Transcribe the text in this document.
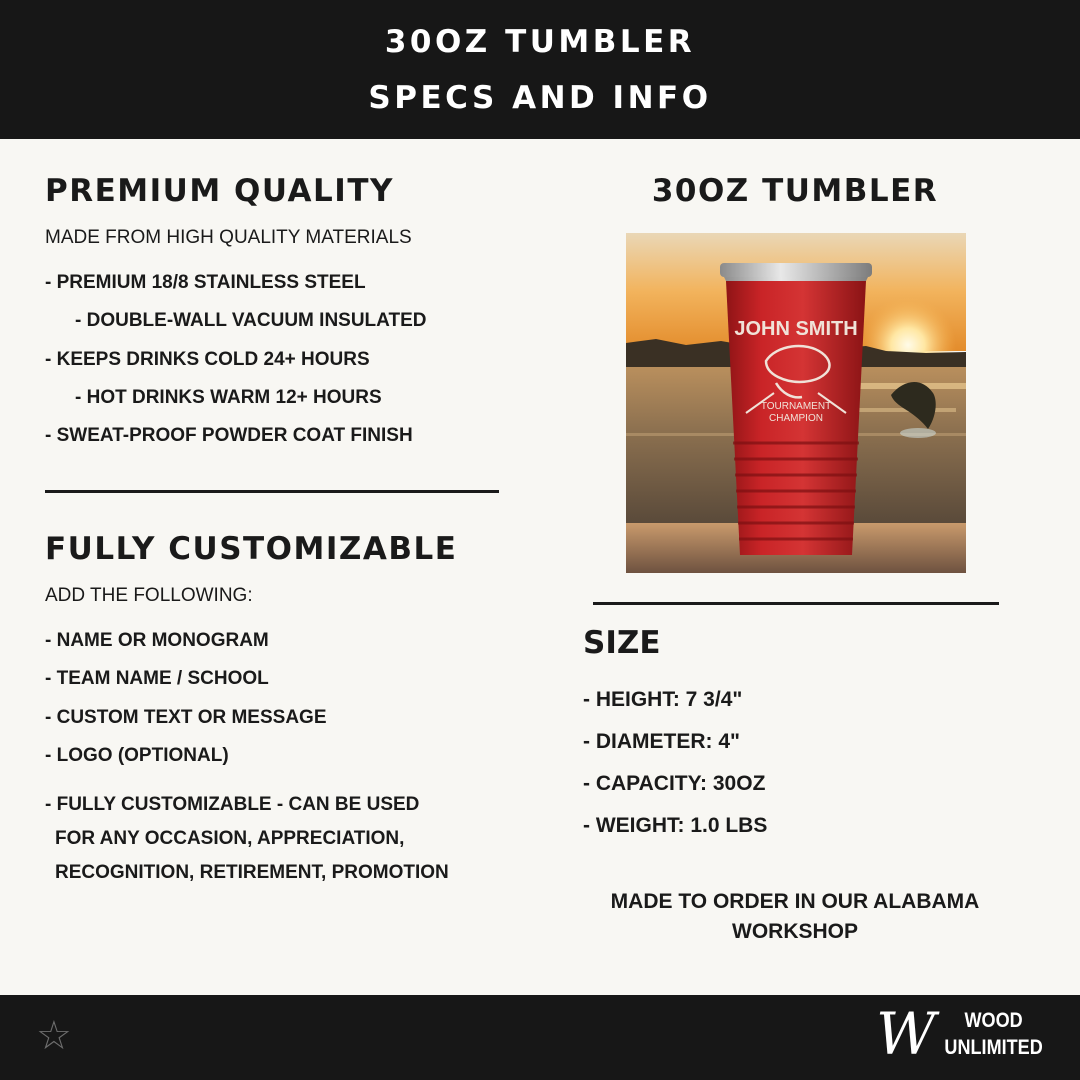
30OZ TUMBLER
SPECS AND INFO
PREMIUM QUALITY
MADE FROM HIGH QUALITY MATERIALS
- PREMIUM 18/8 STAINLESS STEEL
- DOUBLE-WALL VACUUM INSULATED
- KEEPS DRINKS COLD 24+ HOURS
- HOT DRINKS WARM 12+ HOURS
- SWEAT-PROOF POWDER COAT FINISH
FULLY CUSTOMIZABLE
ADD THE FOLLOWING:
- NAME OR MONOGRAM
- TEAM NAME / SCHOOL
- CUSTOM TEXT OR MESSAGE
- LOGO (OPTIONAL)
- FULLY CUSTOMIZABLE - CAN BE USED
FOR ANY OCCASION, APPRECIATION,
RECOGNITION, RETIREMENT, PROMOTION
30OZ TUMBLER
JOHN SMITH
TOURNAMENT
CHAMPION
SIZE
- HEIGHT: 7 3/4"
- DIAMETER: 4"
- CAPACITY: 30OZ
- WEIGHT: 1.0 LBS
MADE TO ORDER IN OUR ALABAMA
WORKSHOP
☆	W	WOOD
UNLIMITED
